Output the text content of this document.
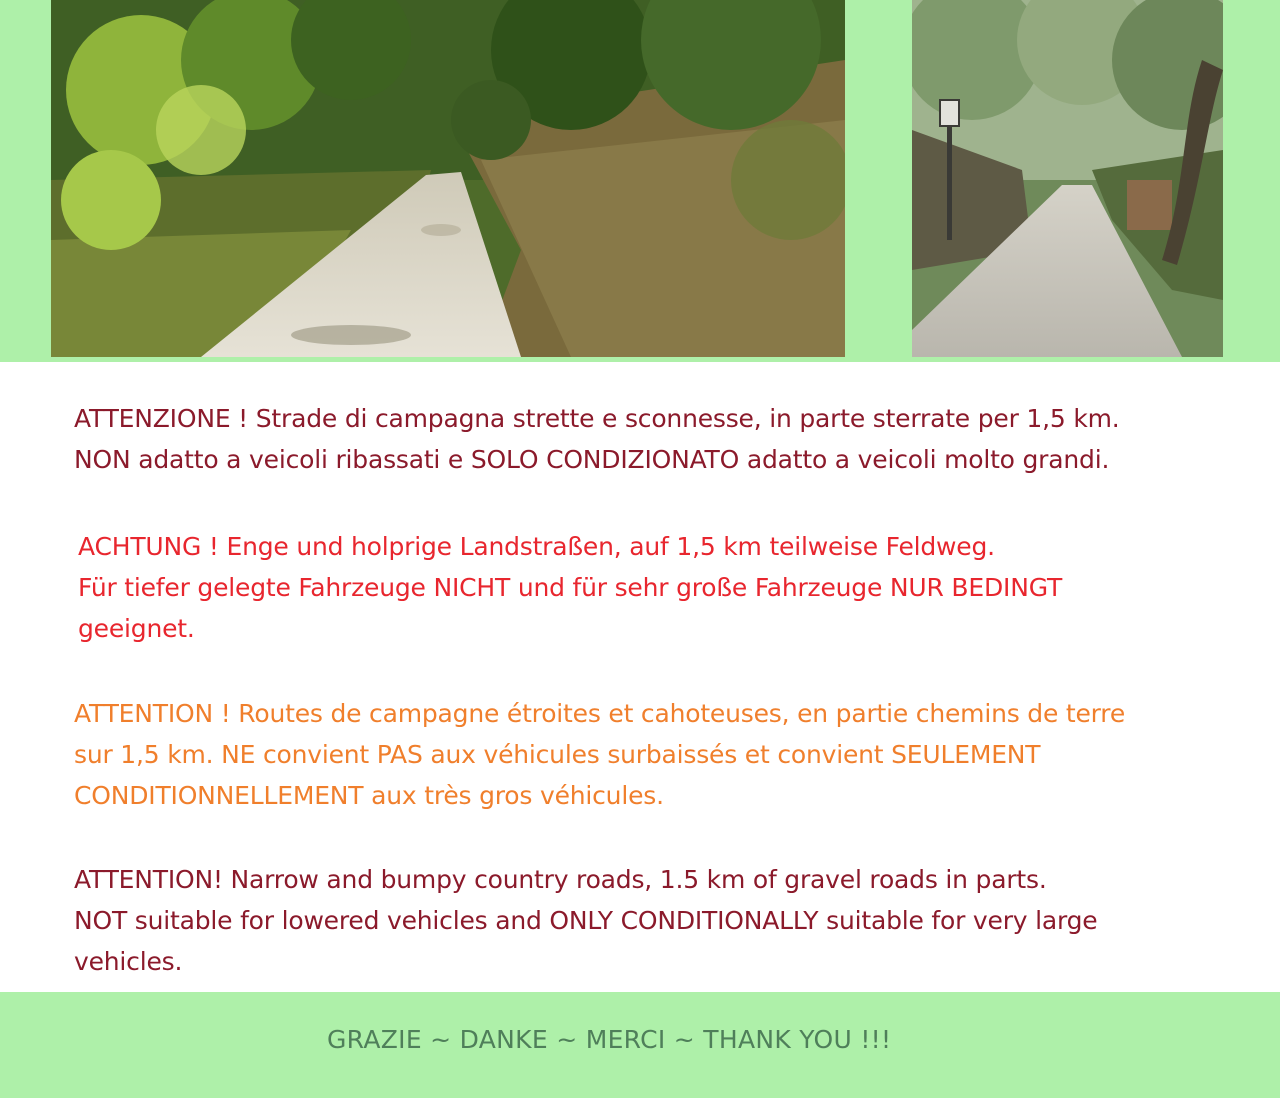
ATTENZIONE ! Strade di campagna strette e sconnesse, in parte sterrate per 1,5 km.
NON adatto a veicoli ribassati e SOLO CONDIZIONATO adatto a veicoli molto grandi.

ACHTUNG ! Enge und holprige Landstraßen, auf 1,5 km teilweise Feldweg.
Für tiefer gelegte Fahrzeuge NICHT und für sehr große Fahrzeuge NUR BEDINGT
geeignet.

ATTENTION ! Routes de campagne étroites et cahoteuses, en partie chemins de terre
sur 1,5 km. NE convient PAS aux véhicules surbaissés et convient SEULEMENT
CONDITIONNELLEMENT aux très gros véhicules.

ATTENTION! Narrow and bumpy country roads, 1.5 km of gravel roads in parts.
NOT suitable for lowered vehicles and ONLY CONDITIONALLY suitable for very large
vehicles.

GRAZIE ~ DANKE ~ MERCI ~ THANK YOU !!!
